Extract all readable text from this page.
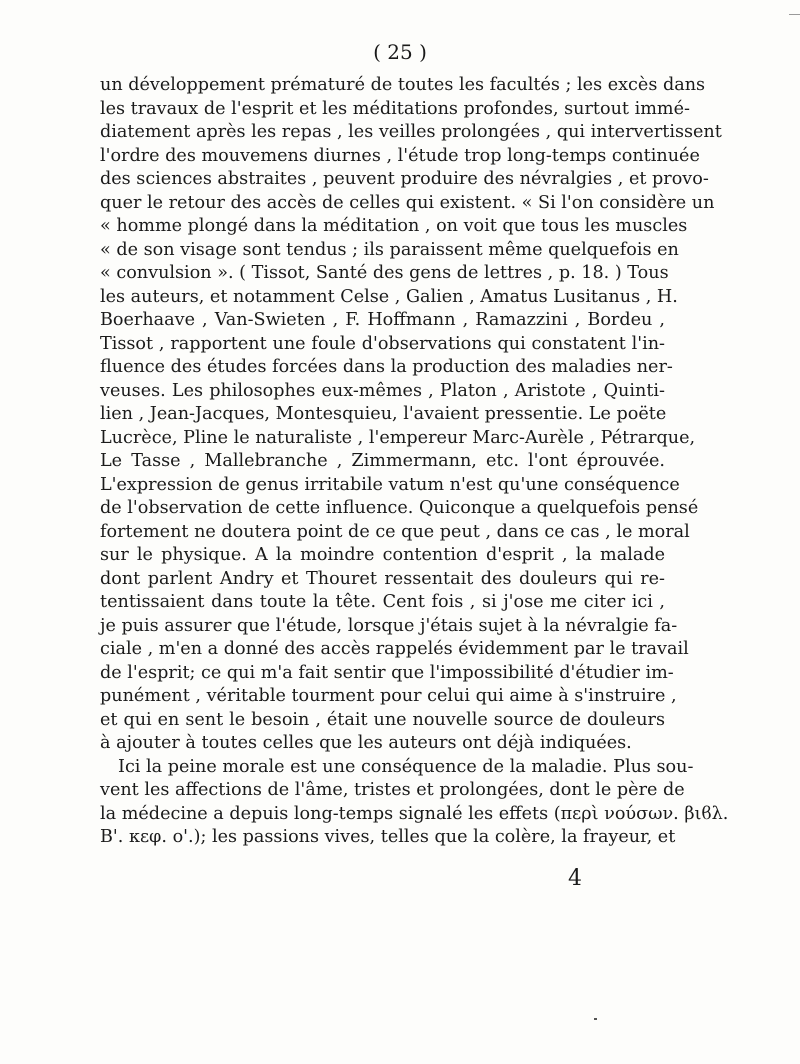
( 25 )
un développement prématuré de toutes les facultés ; les excès dans
les travaux de l'esprit et les méditations profondes, surtout immé-
diatement après les repas , les veilles prolongées , qui intervertissent
l'ordre des mouvemens diurnes , l'étude trop long-temps continuée
des sciences abstraites , peuvent produire des névralgies , et provo-
quer le retour des accès de celles qui existent. « Si l'on considère un
« homme plongé dans la méditation , on voit que tous les muscles
« de son visage sont tendus ; ils paraissent même quelquefois en
« convulsion ». ( Tissot, Santé des gens de lettres , p. 18. ) Tous
les auteurs, et notamment Celse , Galien , Amatus Lusitanus , H.
Boerhaave , Van-Swieten , F. Hoffmann , Ramazzini , Bordeu ,
Tissot , rapportent une foule d'observations qui constatent l'in-
fluence des études forcées dans la production des maladies ner-
veuses. Les philosophes eux-mêmes , Platon , Aristote , Quinti-
lien , Jean-Jacques, Montesquieu, l'avaient pressentie. Le poëte
Lucrèce, Pline le naturaliste , l'empereur Marc-Aurèle , Pétrarque,
Le Tasse , Mallebranche , Zimmermann, etc. l'ont éprouvée.
L'expression de genus irritabile vatum n'est qu'une conséquence
de l'observation de cette influence. Quiconque a quelquefois pensé
fortement ne doutera point de ce que peut , dans ce cas , le moral
sur le physique. A la moindre contention d'esprit , la malade
dont parlent Andry et Thouret ressentait des douleurs qui re-
tentissaient dans toute la tête. Cent fois , si j'ose me citer ici ,
je puis assurer que l'étude, lorsque j'étais sujet à la névralgie fa-
ciale , m'en a donné des accès rappelés évidemment par le travail
de l'esprit; ce qui m'a fait sentir que l'impossibilité d'étudier im-
punément , véritable tourment pour celui qui aime à s'instruire ,
et qui en sent le besoin , était une nouvelle source de douleurs
à ajouter à toutes celles que les auteurs ont déjà indiquées.
Ici la peine morale est une conséquence de la maladie. Plus sou-
vent les affections de l'âme, tristes et prolongées, dont le père de
la médecine a depuis long-temps signalé les effets (περὶ νούσων. βιϐλ.
Β'. κεφ. ο'.); les passions vives, telles que la colère, la frayeur, et
4
